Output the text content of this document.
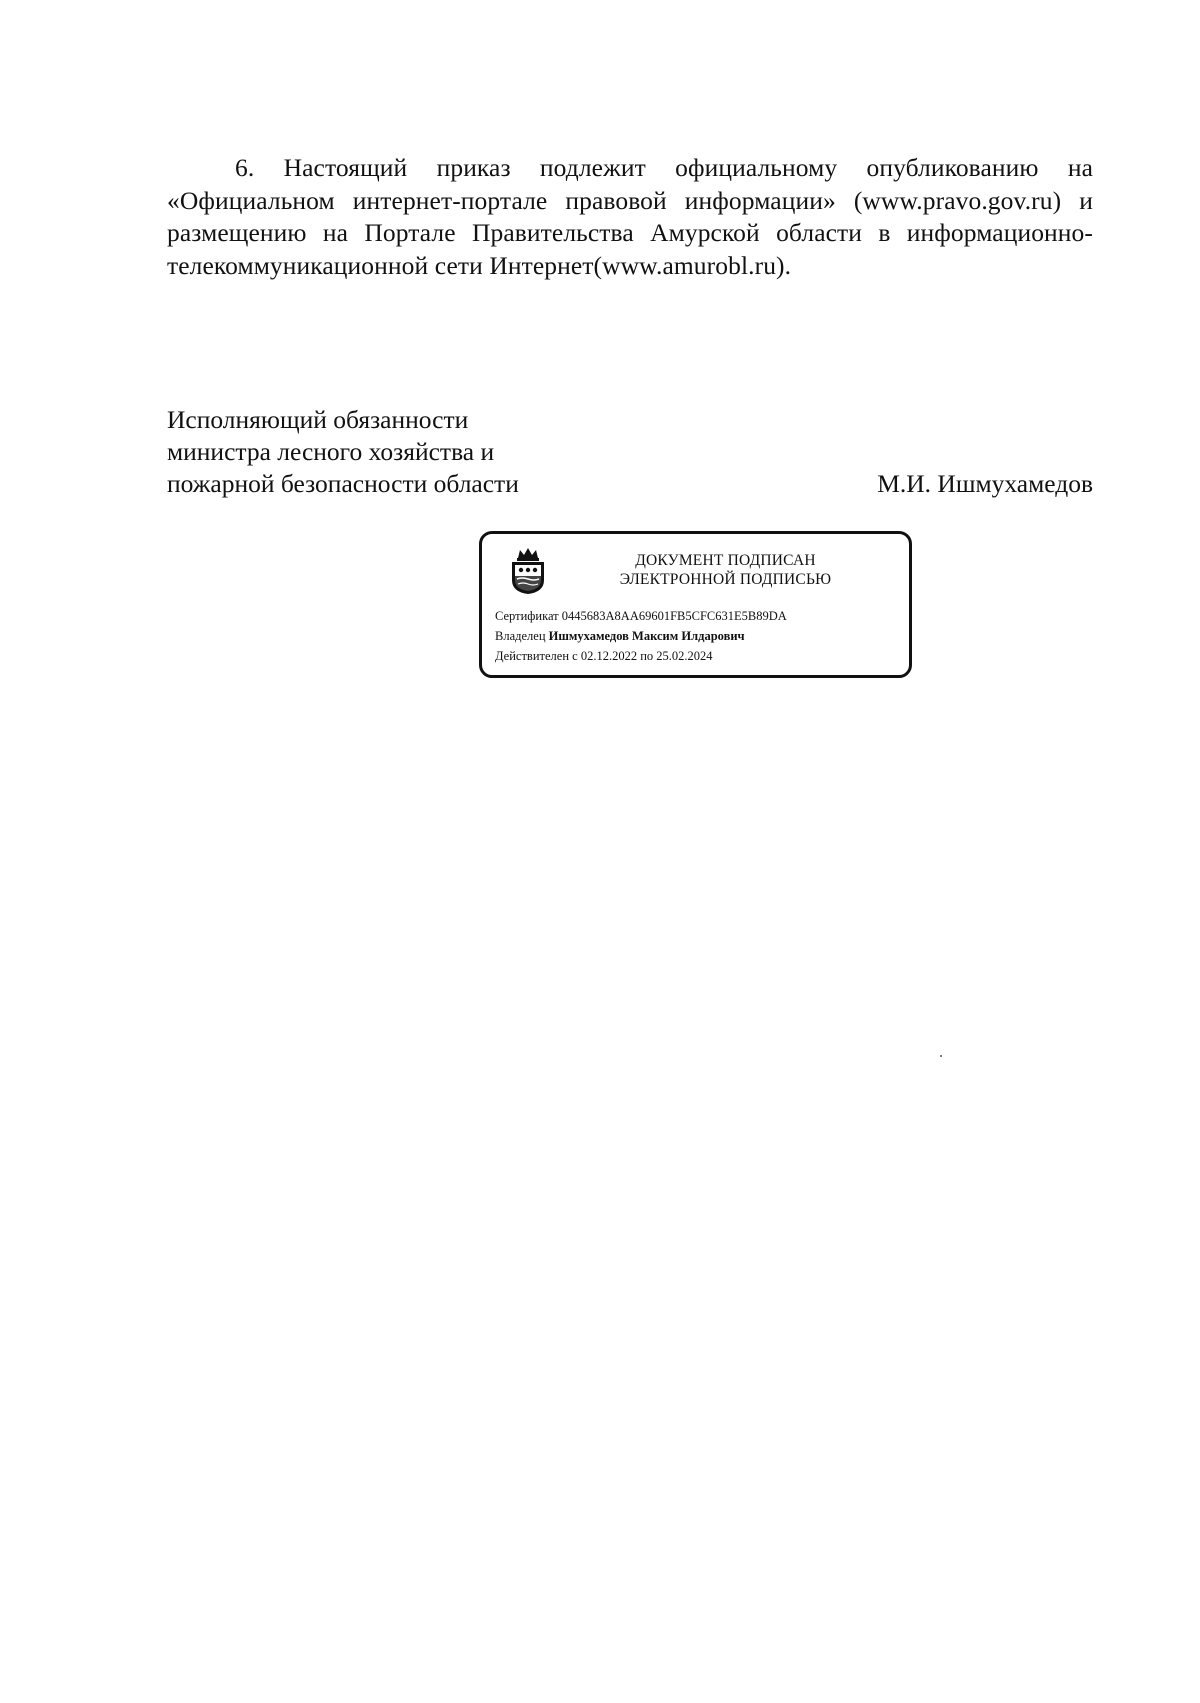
6. Настоящий приказ подлежит официальному опубликованию на «Официальном интернет-портале правовой информации» (www.pravo.gov.ru) и размещению на Портале Правительства Амурской области в информационно-телекоммуникационной сети Интернет(www.amurobl.ru).

Исполняющий обязанности
министра лесного хозяйства и
пожарной безопасности области	М.И. Ишмухамедов
ДОКУМЕНТ ПОДПИСАН
ЭЛЕКТРОННОЙ ПОДПИСЬЮ
Сертификат 0445683A8AA69601FB5CFC631E5B89DA
Владелец Ишмухамедов Максим Илдарович
Действителен с 02.12.2022 по 25.02.2024
